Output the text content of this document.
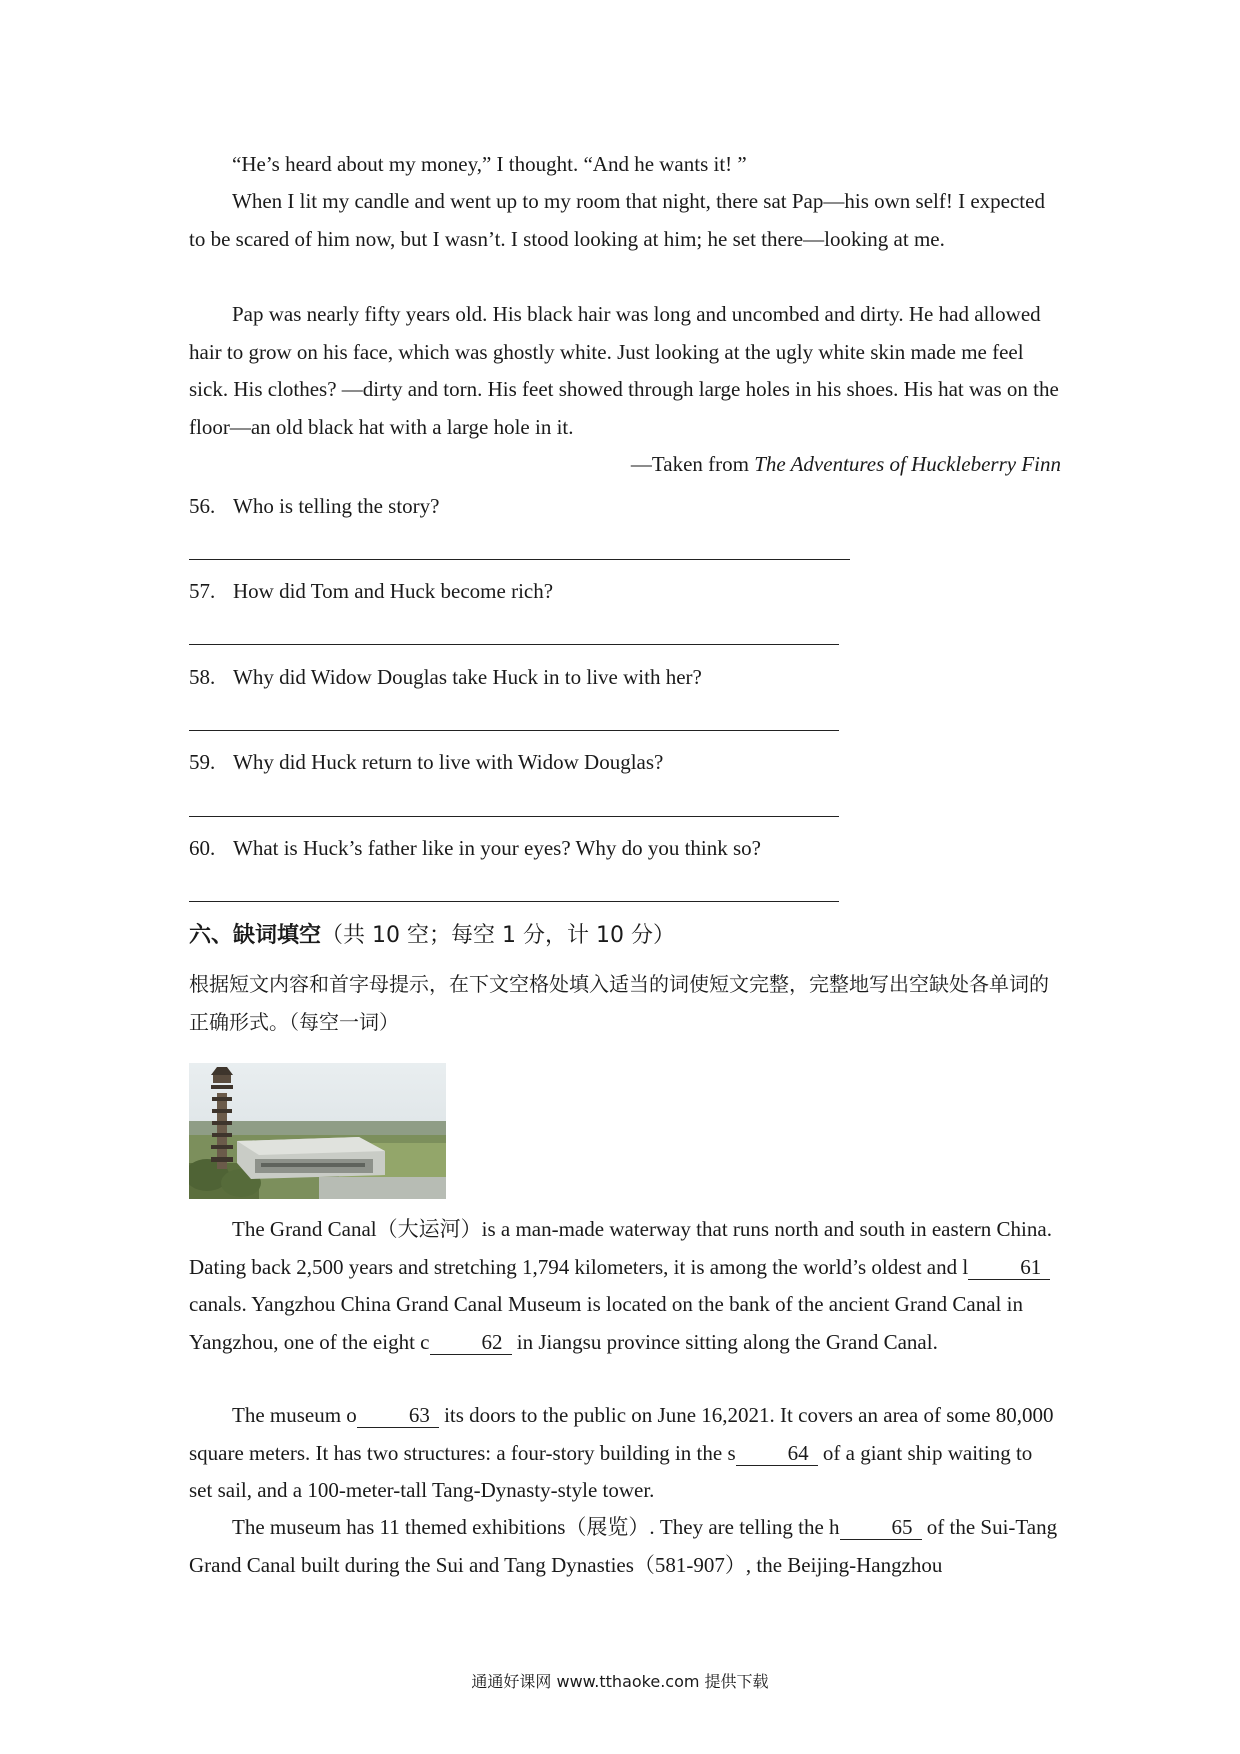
“He’s heard about my money,” I thought. “And he wants it! ”

When I lit my candle and went up to my room that night, there sat Pap—his own self! I expected to be scared of him now, but I wasn’t. I stood looking at him; he set there—looking at me.

Pap was nearly fifty years old. His black hair was long and uncombed and dirty. He had allowed hair to grow on his face, which was ghostly white. Just looking at the ugly white skin made me feel sick. His clothes? —dirty and torn. His feet showed through large holes in his shoes. His hat was on the floor—an old black hat with a large hole in it.

—Taken from The Adventures of Huckleberry Finn
56. Who is telling the story?
57. How did Tom and Huck become rich?
58. Why did Widow Douglas take Huck in to live with her?
59. Why did Huck return to live with Widow Douglas?
60. What is Huck’s father like in your eyes? Why do you think so?
六、缺词填空（共 10 空；每空 1 分，计 10 分）
根据短文内容和首字母提示，在下文空格处填入适当的词使短文完整，完整地写出空缺处各单词的正确形式。（每空一词）

The Grand Canal（大运河）is a man-made waterway that runs north and south in eastern China. Dating back 2,500 years and stretching 1,794 kilometers, it is among the world’s oldest and l 61 canals. Yangzhou China Grand Canal Museum is located on the bank of the ancient Grand Canal in Yangzhou, one of the eight c 62 in Jiangsu province sitting along the Grand Canal.

The museum o 63 its doors to the public on June 16,2021. It covers an area of some 80,000 square meters. It has two structures: a four-story building in the s 64 of a giant ship waiting to set sail, and a 100-meter-tall Tang-Dynasty-style tower.

The museum has 11 themed exhibitions（展览）. They are telling the h 65 of the Sui-Tang Grand Canal built during the Sui and Tang Dynasties（581-907）, the Beijing-Hangzhou

通通好课网 www.tthaoke.com 提供下载
